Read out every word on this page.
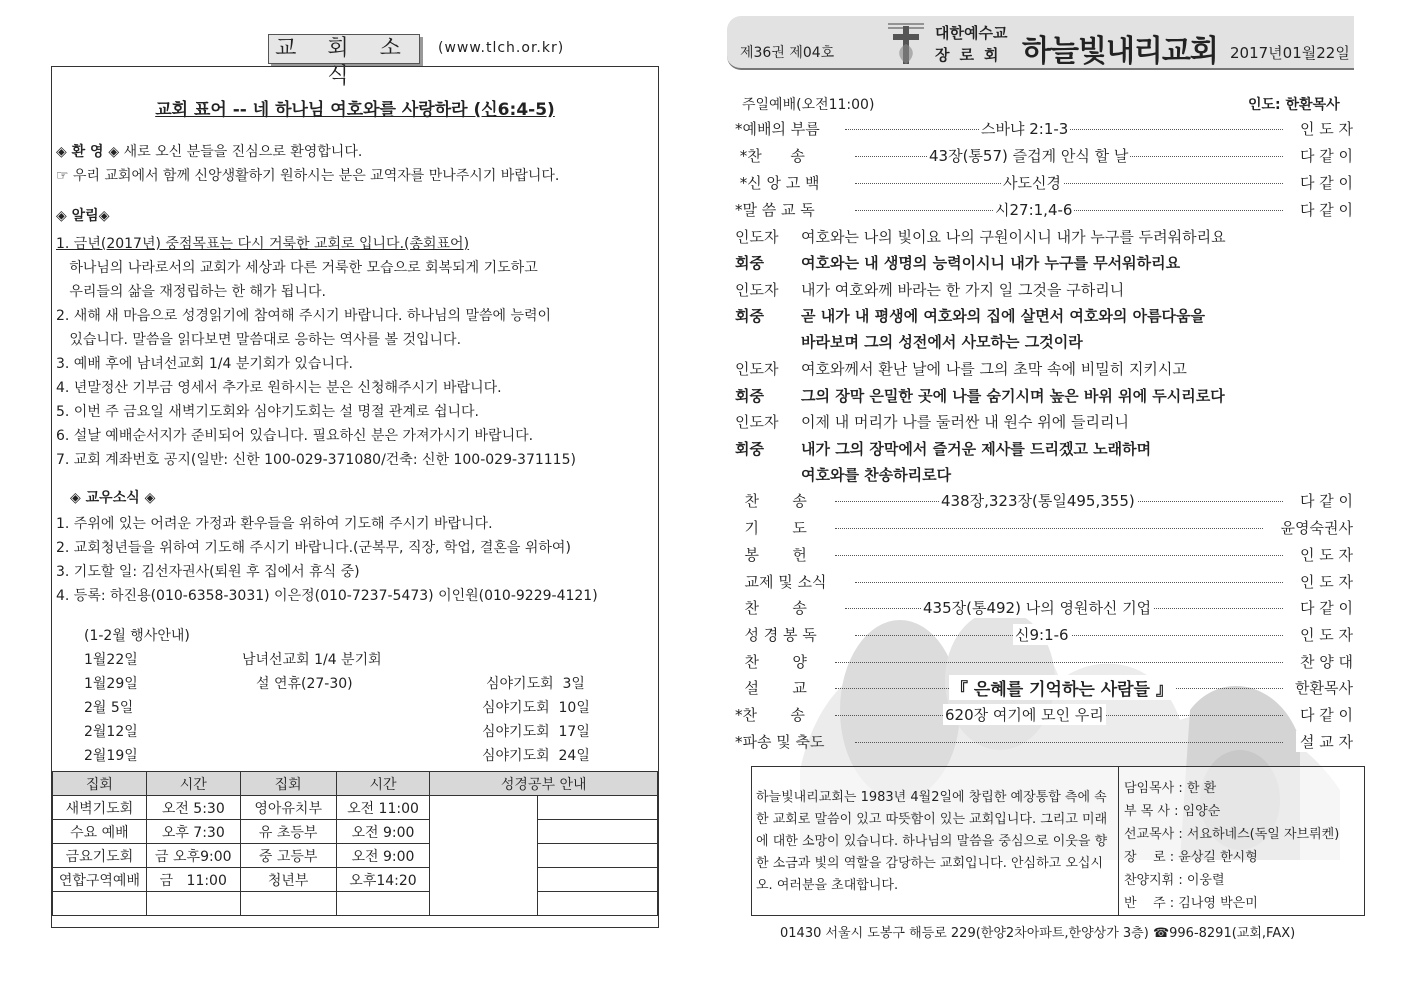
교 회 소 식
(www.tlch.or.kr)
교회 표어 -- 네 하나님 여호와를 사랑하라 (신6:4-5)
◈ 환 영 ◈ 새로 오신 분들을 진심으로 환영합니다.
☞ 우리 교회에서 함께 신앙생활하기 원하시는 분은 교역자를 만나주시기 바랍니다.
◈ 알림◈
1. 금년(2017년) 중점목표는 다시 거룩한 교회로 입니다.(총회표어)
하나님의 나라로서의 교회가 세상과 다른 거룩한 모습으로 회복되게 기도하고
우리들의 삶을 재정립하는 한 해가 됩니다.
2. 새해 새 마음으로 성경읽기에 참여해 주시기 바랍니다. 하나님의 말씀에 능력이
있습니다. 말씀을 읽다보면 말씀대로 응하는 역사를 볼 것입니다.
3. 예배 후에 남녀선교회 1/4 분기회가 있습니다.
4. 년말정산 기부금 영세서 추가로 원하시는 분은 신청해주시기 바랍니다.
5. 이번 주 금요일 새벽기도회와 심야기도회는 설 명절 관계로 쉽니다.
6. 설날 예배순서지가 준비되어 있습니다. 필요하신 분은 가져가시기 바랍니다.
7. 교회 계좌번호 공지(일반: 신한 100-029-371080/건축: 신한 100-029-371115)
◈ 교우소식 ◈
1. 주위에 있는 어려운 가정과 환우들을 위하여 기도해 주시기 바랍니다.
2. 교회청년들을 위하여 기도해 주시기 바랍니다.(군복무, 직장, 학업, 결혼을 위하여)
3. 기도할 일: 김선자권사(퇴원 후 집에서 휴식 중)
4. 등록: 하진용(010-6358-3031) 이은정(010-7237-5473) 이인원(010-9229-4121)
(1-2월 행사안내)
1월22일	남녀선교회 1/4 분기회
1월29일	설 연휴(27-30)	심야기도회  3일
2월 5일	심야기도회  10일
2월12일	심야기도회  17일
2월19일	심야기도회  24일
집회	시간	집회	시간	성경공부 안내	
새벽기도회	오전 5:30	영아유치부	오전 11:00		
수요 예배	오후 7:30	유 초등부	오전 9:00		
금요기도회	금 오후9:00	중 고등부	오전 9:00		
연합구역예배	금   11:00	청년부	오후14:20		

제36권 제04호
대한예수교
장로회 하늘빛내리교회 2017년01월22일
주일예배(오전11:00)	인도: 한환목사
*예배의 부름	스바냐 2:1-3	인 도 자
*찬      송	43장(통57) 즐겁게 안식 할 날	다 같 이
*신 앙 고 백	사도신경	다 같 이
*말 씀 교 독	시27:1,4-6	다 같 이
인도자 여호와는 나의 빛이요 나의 구원이시니 내가 누구를 두려워하리요
회중 여호와는 내 생명의 능력이시니 내가 누구를 무서워하리요
인도자 내가 여호와께 바라는 한 가지 일 그것을 구하리니
회중 곧 내가 내 평생에 여호와의 집에 살면서 여호와의 아름다움을
바라보며 그의 성전에서 사모하는 그것이라
인도자 여호와께서 환난 날에 나를 그의 초막 속에 비밀히 지키시고
회중 그의 장막 은밀한 곳에 나를 숨기시며 높은 바위 위에 두시리로다
인도자 이제 내 머리가 나를 둘러싼 내 원수 위에 들리리니
회중 내가 그의 장막에서 즐거운 제사를 드리겠고 노래하며
여호와를 찬송하리로다
찬       송	438장,323장(통일495,355)	다 같 이
기       도	윤영숙권사
봉       헌	인 도 자
교제 및 소식	인 도 자
찬       송	435장(통492) 나의 영원하신 기업	다 같 이
성 경 봉 독	신9:1-6	인 도 자
찬       양	찬 양 대
설       교	『 은혜를 기억하는 사람들 』	한환목사
*찬       송	620장 여기에 모인 우리	다 같 이
*파송 및 축도	설 교 자
하늘빛내리교회는 1983년 4월2일에 창립한 예장통합 측에 속한 교회로 말씀이 있고 따뜻함이 있는 교회입니다. 그리고 미래에 대한 소망이 있습니다. 하나님의 말씀을 중심으로 이웃을 향한 소금과 빛의 역할을 감당하는 교회입니다. 안심하고 오십시오. 여러분을 초대합니다.
담임목사 : 한 환
부 목 사 : 임양순
선교목사 : 서요하네스(독일 자브뤼켄)
장    로 : 윤상길 한시형
찬양지휘 : 이웅렬
반    주 : 김나영 박은미
01430 서울시 도봉구 해등로 229(한양2차아파트,한양상가 3층) ☎996-8291(교회,FAX)
